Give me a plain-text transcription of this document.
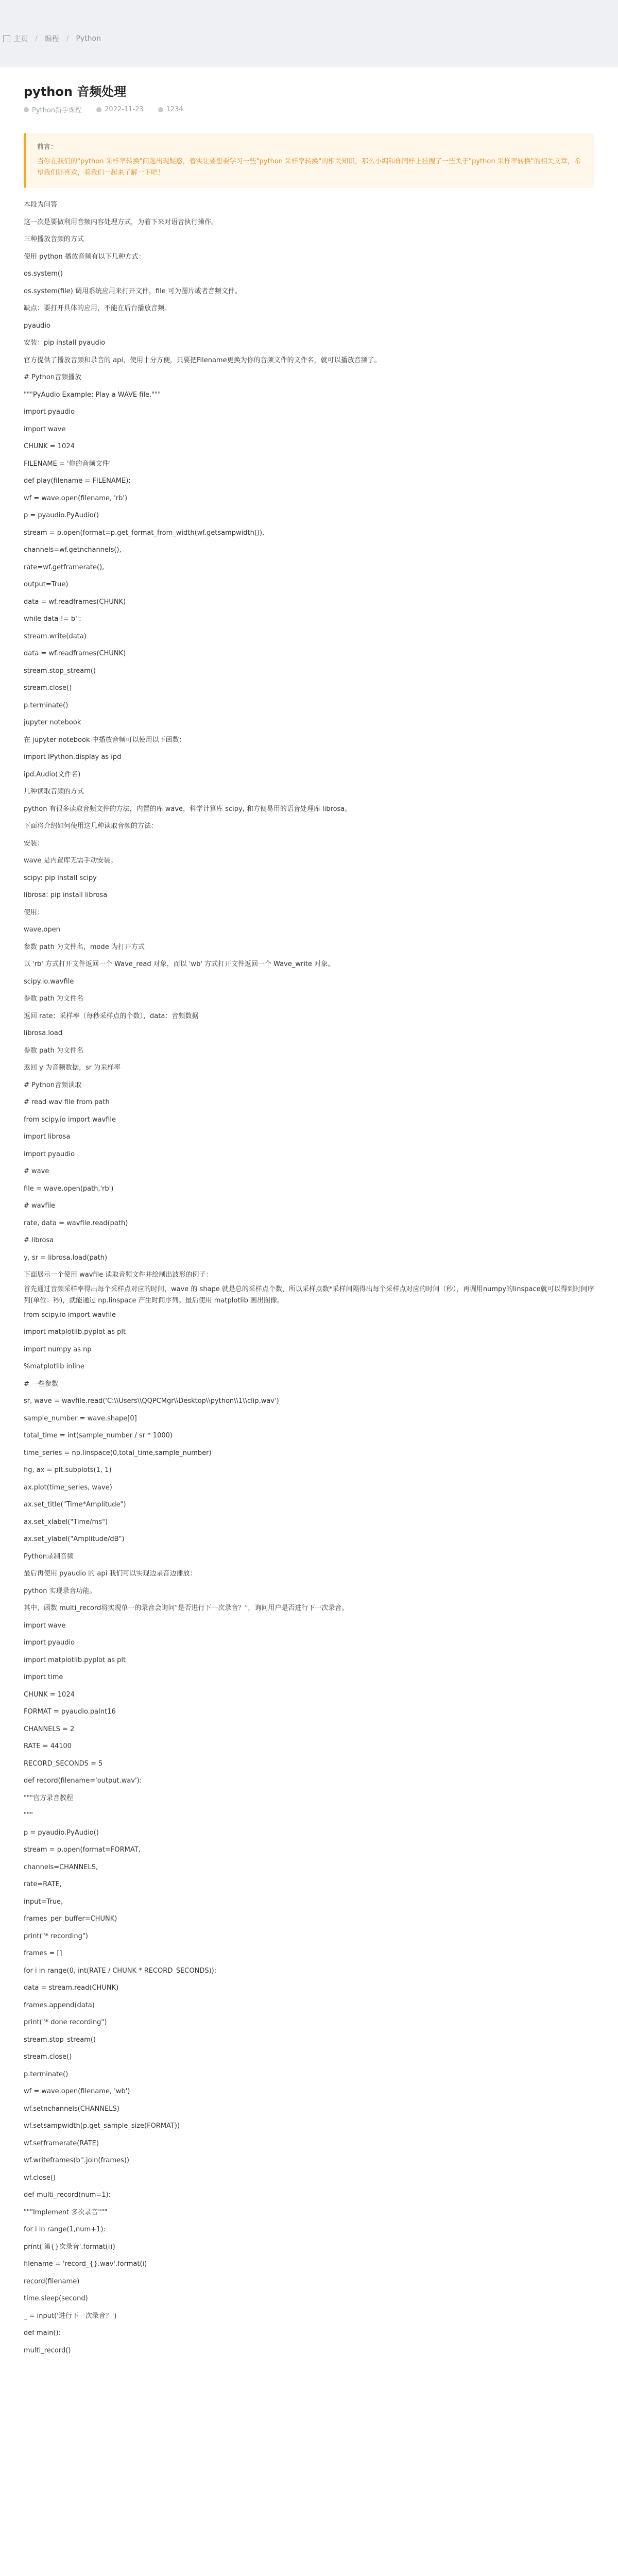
主页 / 编程 / Python
python 音频处理
Python新手课程	2022-11-23	1234
前言：
当你在我们的"python 采样率转换"问题出现疑惑，着实让要想要学习一些"python 采样率转换"的相关知识，那么小编和你同样上挂搜了一些关于"python 采样率转换"的相关文章，希望我们能喜欢，着我们一起来了解一下吧！

本段为问答

这一次是要做利用音频内容处理方式，为着下来对语音执行操作。

三种播放音频的方式

使用 python 播放音频有以下几种方式：

os.system()

os.system(file) 调用系统应用来打开文件，file 可为图片或者音频文件。

缺点：要打开具体的应用，不能在后台播放音频。

pyaudio

安装：pip install pyaudio

官方提供了播放音频和录音的 api，使用十分方便，只要把Filename更换为你的音频文件的文件名，就可以播放音频了。

# Python音频播放

"""PyAudio Example: Play a WAVE file."""

import pyaudio

import wave

CHUNK = 1024

FILENAME = '你的音频文件'

def play(filename = FILENAME):

wf = wave.open(filename, 'rb')

p = pyaudio.PyAudio()

stream = p.open(format=p.get_format_from_width(wf.getsampwidth()),

channels=wf.getnchannels(),

rate=wf.getframerate(),

output=True)

data = wf.readframes(CHUNK)

while data != b'':

stream.write(data)

data = wf.readframes(CHUNK)

stream.stop_stream()

stream.close()

p.terminate()

jupyter notebook

在 jupyter notebook 中播放音频可以使用以下函数：

import IPython.display as ipd

ipd.Audio(文件名)

几种读取音频的方式

python 有很多读取音频文件的方法，内置的库 wave，科学计算库 scipy, 和方便易用的语音处理库 librosa。

下面将介绍如何使用这几种读取音频的方法：

安装：

wave 是内置库无需手动安装。

scipy: pip install scipy

librosa: pip install librosa

使用：

wave.open

参数 path 为文件名，mode 为打开方式

以 'rb' 方式打开文件返回一个 Wave_read 对象，而以 'wb' 方式打开文件返回一个 Wave_write 对象。

scipy.io.wavfile

参数 path 为文件名

返回 rate：采样率（每秒采样点的个数），data：音频数据

librosa.load

参数 path 为文件名

返回 y 为音频数据，sr 为采样率

# Python音频读取

# read wav file from path

from scipy.io import wavfile

import librosa

import pyaudio

# wave

file = wave.open(path,'rb')

# wavfile

rate, data = wavfile.read(path)

# librosa

y, sr = librosa.load(path)

下面展示一个使用 wavfile 读取音频文件并绘制出波形的例子：

首先通过音频采样率得出每个采样点对应的时间，wave 的 shape 就是总的采样点个数，所以采样点数*采样间隔得出每个采样点对应的时间（秒），再调用numpy的linspace就可以得到时间序列(单位：秒)，就能通过 np.linspace 产生时间序列。最后使用 matplotlib 画出图像。

from scipy.io import wavfile

import matplotlib.pyplot as plt

import numpy as np

%matplotlib inline

# 一些参数

sr, wave = wavfile.read('C:\\Users\\QQPCMgr\\Desktop\\python\\1\\clip.wav')

sample_number = wave.shape[0]

total_time = int(sample_number / sr * 1000)

time_series = np.linspace(0,total_time,sample_number)

fig, ax = plt.subplots(1, 1)

ax.plot(time_series, wave)

ax.set_title("Time*Amplitude")

ax.set_xlabel("Time/ms")

ax.set_ylabel("Amplitude/dB")

Python录制音频

最后再使用 pyaudio 的 api 我们可以实现边录音边播放：

python 实现录音功能。

其中，函数 multi_record将实现单一的录音会询问"是否进行下一次录音？"，询问用户是否进行下一次录音。

import wave

import pyaudio

import matplotlib.pyplot as plt

import time

CHUNK = 1024

FORMAT = pyaudio.paInt16

CHANNELS = 2

RATE = 44100

RECORD_SECONDS = 5

def record(filename='output.wav'):

"""官方录音教程

"""

p = pyaudio.PyAudio()

stream = p.open(format=FORMAT,

channels=CHANNELS,

rate=RATE,

input=True,

frames_per_buffer=CHUNK)

print("* recording")

frames = []

for i in range(0, int(RATE / CHUNK * RECORD_SECONDS)):

data = stream.read(CHUNK)

frames.append(data)

print("* done recording")

stream.stop_stream()

stream.close()

p.terminate()

wf = wave.open(filename, 'wb')

wf.setnchannels(CHANNELS)

wf.setsampwidth(p.get_sample_size(FORMAT))

wf.setframerate(RATE)

wf.writeframes(b''.join(frames))

wf.close()

def multi_record(num=1):

"""Implement 多次录音"""

for i in range(1,num+1):

print('第{}次录音'.format(i))

filename = 'record_{}.wav'.format(i)

record(filename)

time.sleep(second)

_ = input('进行下一次录音？')

def main():

multi_record()
